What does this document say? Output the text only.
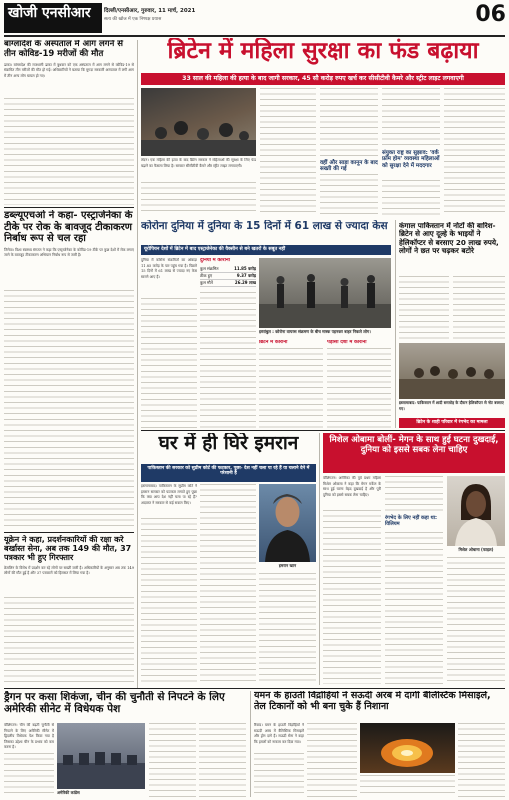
खोजी एनसीआर	दिल्ली/एनसीआर, गुरुवार, 11 मार्च, 2021
सत्य की खोज में एक निष्पक्ष प्रयास	06
बांग्लादेश के अस्पताल में आग लगने से तीन कोविड-19 मरीजों की मौत
ढाका। बांग्लादेश की राजधानी ढाका में बुधवार को एक अस्पताल में आग लगने से कोविड-19 से संक्रमित तीन मरीजों की मौत हो गई। अधिकारियों ने बताया कि मुगदा सरकारी अस्पताल में लगी आग में तीन अन्य लोग घायल हो गए।
डब्ल्यूएचओ ने कहा- एस्ट्राजेनेका के टीके पर रोक के बावजूद टीकाकरण निर्बाध रूप से चल रहा
जिनेवा। विश्व स्वास्थ्य संगठन ने कहा कि एस्ट्राजेनेका के कोविड-19 टीके पर कुछ देशों में रोक लगाए जाने के बावजूद टीकाकरण अभियान निर्बाध रूप से जारी है।
यूक्रेन ने कहा, प्रदर्शनकारियों की रक्षा करे बर्खास्त सेना, अब तक 149 की मौत, 37 पत्रकार भी हुए गिरफ्तार
क्रेमलिन के विरोध में प्रदर्शन कर रहे लोगों पर सख्ती जारी है। अधिकारियों के अनुसार अब तक 149 लोगों की मौत हुई है और 37 पत्रकारों को हिरासत में लिया गया है।
ब्रिटेन में महिला सुरक्षा का फंड बढ़ाया
33 साल की महिला की हत्या के बाद जागी सरकार, 45 सौ करोड़ रुपए खर्च कर सीसीटीवी कैमरे और स्ट्रीट लाइट लगवाएगी
लंदन। एक महिला की हत्या के बाद ब्रिटेन सरकार ने महिलाओं की सुरक्षा के लिए फंड बढ़ाने का फैसला लिया है। सरकार सीसीटीवी कैमरे और स्ट्रीट लाइट लगवाएगी।	वहीं और साड़ा कानून के बाद सख्ती की गई
संयुक्त राष्ट्र का सुझाव: 'वर्क फ्रॉम होम' व्यवस्था महिलाओं को सुरक्षा देने में मददगार
कोरोना दुनिया में दुनिया के 15 दिनों में 61 लाख से ज्यादा केस
यूरोपियन देशों में ब्रिटेन में बाद एस्ट्राजेनेका की वैक्सीन से बने खतरों के सबूत नहीं
दुनिया में कोरोना संक्रमितों का आंकड़ा 11.85 करोड़ के पार पहुंच गया है। पिछले 15 दिनों में 61 लाख से ज्यादा नए केस सामने आए हैं।
दुनिया में कोरोना
कुल संक्रमित	11.85 करोड़
ठीक हुए	9.37 करोड़
कुल मौतें	26.29 लाख
इस्तांबुल : कोरोना वायरस संक्रमण के बीच मास्क पहनकर बाहर निकले लोग।
ब्रिटेन में कोरोना	पड़ोसी देशों में कोरोना
कंगाल पाकिस्तान में नोटों की बारिश-ब्रिटेन से आए दूल्हे के भाइयों ने हेलिकॉप्टर से बरसाए 20 लाख रुपये, लोगों ने छत पर चढ़कर बटोरे
इस्लामाबाद: पाकिस्तान में शादी समारोह के दौरान हेलिकॉप्टर से नोट बरसाए गए।
ब्रिटेन के शाही परिवार में रंगभेद का मामला
घर में ही घिरे इमरान
पाकिस्तान की सरकार को सुप्रीम कोर्ट की फटकार, पूछा- देश नहीं चला पा रहे हैं या चलाने देने में परेशानी है
इस्लामाबाद। पाकिस्तान के सुप्रीम कोर्ट ने इमरान सरकार को फटकार लगाते हुए पूछा कि क्या आप देश नहीं चला पा रहे हैं? अदालत ने सरकार से कई सवाल किए।
इमरान खान
मिशेल ओबामा बोलीं- मेगन के साथ हुई घटना दुखदाई, दुनिया को इससे सबक लेना चाहिए
वॉशिंगटन। अमेरिका की पूर्व प्रथम महिला मिशेल ओबामा ने कहा कि मेगन मर्केल के साथ हुई घटना बेहद दुखदाई है और पूरी दुनिया को इससे सबक लेना चाहिए।
रंगभेद के लिए नहीं कहा था: विलियम
मिशेल ओबामा (फाइल)
ड्रैगन पर कसा शिकंजा, चीन की चुनौती से निपटने के लिए अमेरिकी सीनेट में विधेयक पेश
वॉशिंगटन। चीन की बढ़ती चुनौती से निपटने के लिए अमेरिकी सीनेट में द्विदलीय विधेयक पेश किया गया है जिसका उद्देश्य चीन के प्रभाव को कम करना है।
अमेरिकी कांग्रेस
यमन के हाउती विद्रोहियों ने सऊदी अरब में दागीं बैलिस्टिक मिसाइलें, तेल टिकानों को भी बना चुके हैं निशाना
रियाद। यमन के हाउती विद्रोहियों ने सऊदी अरब में बैलिस्टिक मिसाइलें और ड्रोन दागे हैं। सऊदी सेना ने कहा कि हमलों को नाकाम कर दिया गया।
